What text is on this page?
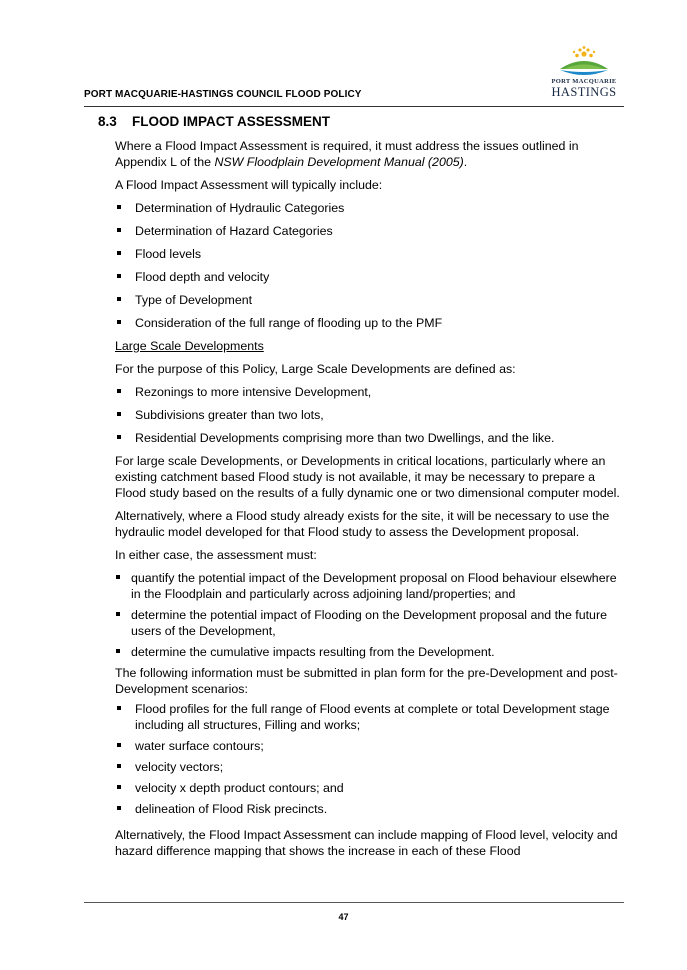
PORT MACQUARIE-HASTINGS COUNCIL FLOOD POLICY
PORT MACQUARIE
HASTINGS
8.3 FLOOD IMPACT ASSESSMENT

Where a Flood Impact Assessment is required, it must address the issues outlined in Appendix L of the NSW Floodplain Development Manual (2005).

A Flood Impact Assessment will typically include:

Determination of Hydraulic Categories
Determination of Hazard Categories
Flood levels
Flood depth and velocity
Type of Development
Consideration of the full range of flooding up to the PMF

Large Scale Developments

For the purpose of this Policy, Large Scale Developments are defined as:

Rezonings to more intensive Development,
Subdivisions greater than two lots,
Residential Developments comprising more than two Dwellings, and the like.

For large scale Developments, or Developments in critical locations, particularly where an existing catchment based Flood study is not available, it may be necessary to prepare a Flood study based on the results of a fully dynamic one or two dimensional computer model.

Alternatively, where a Flood study already exists for the site, it will be necessary to use the hydraulic model developed for that Flood study to assess the Development proposal.

In either case, the assessment must:

quantify the potential impact of the Development proposal on Flood behaviour elsewhere in the Floodplain and particularly across adjoining land/properties; and
determine the potential impact of Flooding on the Development proposal and the future users of the Development,
determine the cumulative impacts resulting from the Development.

The following information must be submitted in plan form for the pre-Development and post-Development scenarios:

Flood profiles for the full range of Flood events at complete or total Development stage including all structures, Filling and works;
water surface contours;
velocity vectors;
velocity x depth product contours; and
delineation of Flood Risk precincts.

Alternatively, the Flood Impact Assessment can include mapping of Flood level, velocity and hazard difference mapping that shows the increase in each of these Flood

47
